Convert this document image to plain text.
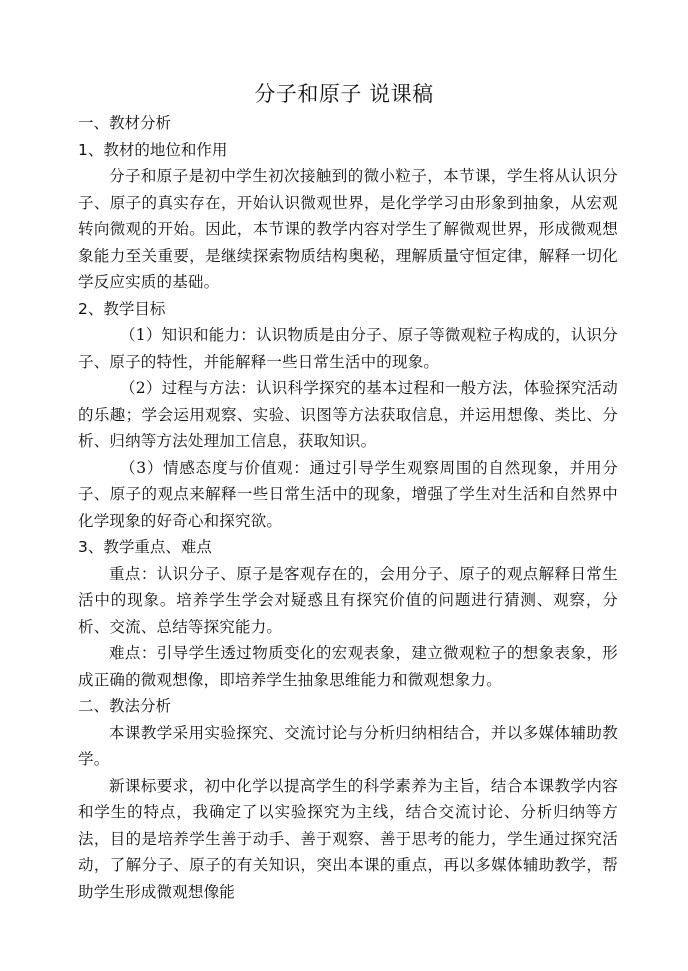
分子和原子 说课稿

一、教材分析

1、教材的地位和作用

分子和原子是初中学生初次接触到的微小粒子，本节课，学生将从认识分子、原子的真实存在，开始认识微观世界，是化学学习由形象到抽象，从宏观转向微观的开始。因此，本节课的教学内容对学生了解微观世界，形成微观想象能力至关重要，是继续探索物质结构奥秘，理解质量守恒定律，解释一切化学反应实质的基础。

2、教学目标

（1）知识和能力：认识物质是由分子、原子等微观粒子构成的，认识分子、原子的特性，并能解释一些日常生活中的现象。

（2）过程与方法：认识科学探究的基本过程和一般方法，体验探究活动的乐趣；学会运用观察、实验、识图等方法获取信息，并运用想像、类比、分析、归纳等方法处理加工信息，获取知识。

（3）情感态度与价值观：通过引导学生观察周围的自然现象，并用分子、原子的观点来解释一些日常生活中的现象，增强了学生对生活和自然界中化学现象的好奇心和探究欲。

3、教学重点、难点

重点：认识分子、原子是客观存在的，会用分子、原子的观点解释日常生活中的现象。培养学生学会对疑惑且有探究价值的问题进行猜测、观察，分析、交流、总结等探究能力。

难点：引导学生透过物质变化的宏观表象，建立微观粒子的想象表象，形成正确的微观想像，即培养学生抽象思维能力和微观想象力。

二、教法分析

本课教学采用实验探究、交流讨论与分析归纳相结合，并以多媒体辅助教学。

新课标要求，初中化学以提高学生的科学素养为主旨，结合本课教学内容和学生的特点，我确定了以实验探究为主线，结合交流讨论、分析归纳等方法，目的是培养学生善于动手、善于观察、善于思考的能力，学生通过探究活动，了解分子、原子的有关知识，突出本课的重点，再以多媒体辅助教学，帮助学生形成微观想像能
